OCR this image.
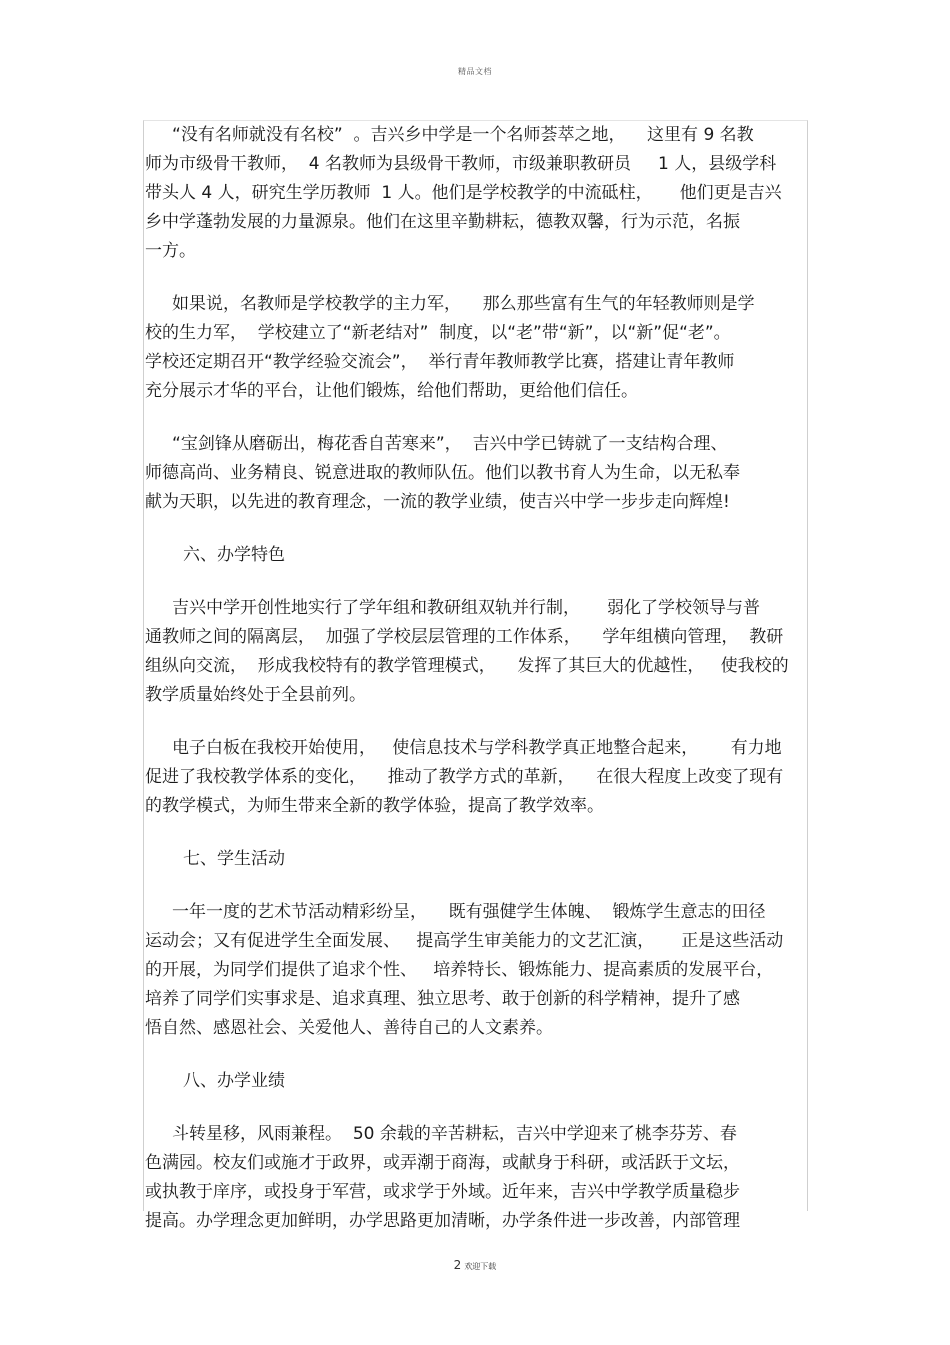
精品文档
“没有名师就没有名校”  。吉兴乡中学是一个名师荟萃之地，    这里有 9 名教
师为市级骨干教师，  4 名教师为县级骨干教师，市级兼职教研员     1 人，县级学科
带头人 4 人，研究生学历教师  1 人。他们是学校教学的中流砥柱，     他们更是吉兴
乡中学蓬勃发展的力量源泉。他们在这里辛勤耕耘，德教双馨，行为示范，名振
一方。
如果说，名教师是学校教学的主力军，    那么那些富有生气的年轻教师则是学
校的生力军，  学校建立了“新老结对”  制度，以“老”带“新”，以“新”促“老”。
学校还定期召开“教学经验交流会”，  举行青年教师教学比赛，搭建让青年教师
充分展示才华的平台，让他们锻炼，给他们帮助，更给他们信任。
“宝剑锋从磨砺出，梅花香自苦寒来”，  吉兴中学已铸就了一支结构合理、
师德高尚、业务精良、锐意进取的教师队伍。他们以教书育人为生命，以无私奉
献为天职，以先进的教育理念，一流的教学业绩，使吉兴中学一步步走向辉煌!
六、办学特色
吉兴中学开创性地实行了学年组和教研组双轨并行制，     弱化了学校领导与普
通教师之间的隔离层，  加强了学校层层管理的工作体系，    学年组横向管理，  教研
组纵向交流，  形成我校特有的教学管理模式，    发挥了其巨大的优越性，   使我校的
教学质量始终处于全县前列。
电子白板在我校开始使用，   使信息技术与学科教学真正地整合起来，      有力地
促进了我校教学体系的变化，    推动了教学方式的革新，    在很大程度上改变了现有
的教学模式，为师生带来全新的教学体验，提高了教学效率。
七、学生活动
一年一度的艺术节活动精彩纷呈，    既有强健学生体魄、  锻炼学生意志的田径
运动会；又有促进学生全面发展、   提高学生审美能力的文艺汇演，     正是这些活动
的开展，为同学们提供了追求个性、   培养特长、锻炼能力、提高素质的发展平台，
培养了同学们实事求是、追求真理、独立思考、敢于创新的科学精神，提升了感
悟自然、感恩社会、关爱他人、善待自己的人文素养。
八、办学业绩
斗转星移，风雨兼程。  50 余载的辛苦耕耘，吉兴中学迎来了桃李芬芳、春
色满园。校友们或施才于政界，或弄潮于商海，或献身于科研，或活跃于文坛，
或执教于庠序，或投身于军营，或求学于外域。近年来，吉兴中学教学质量稳步
提高。办学理念更加鲜明，办学思路更加清晰，办学条件进一步改善，内部管理
2 欢迎下载
